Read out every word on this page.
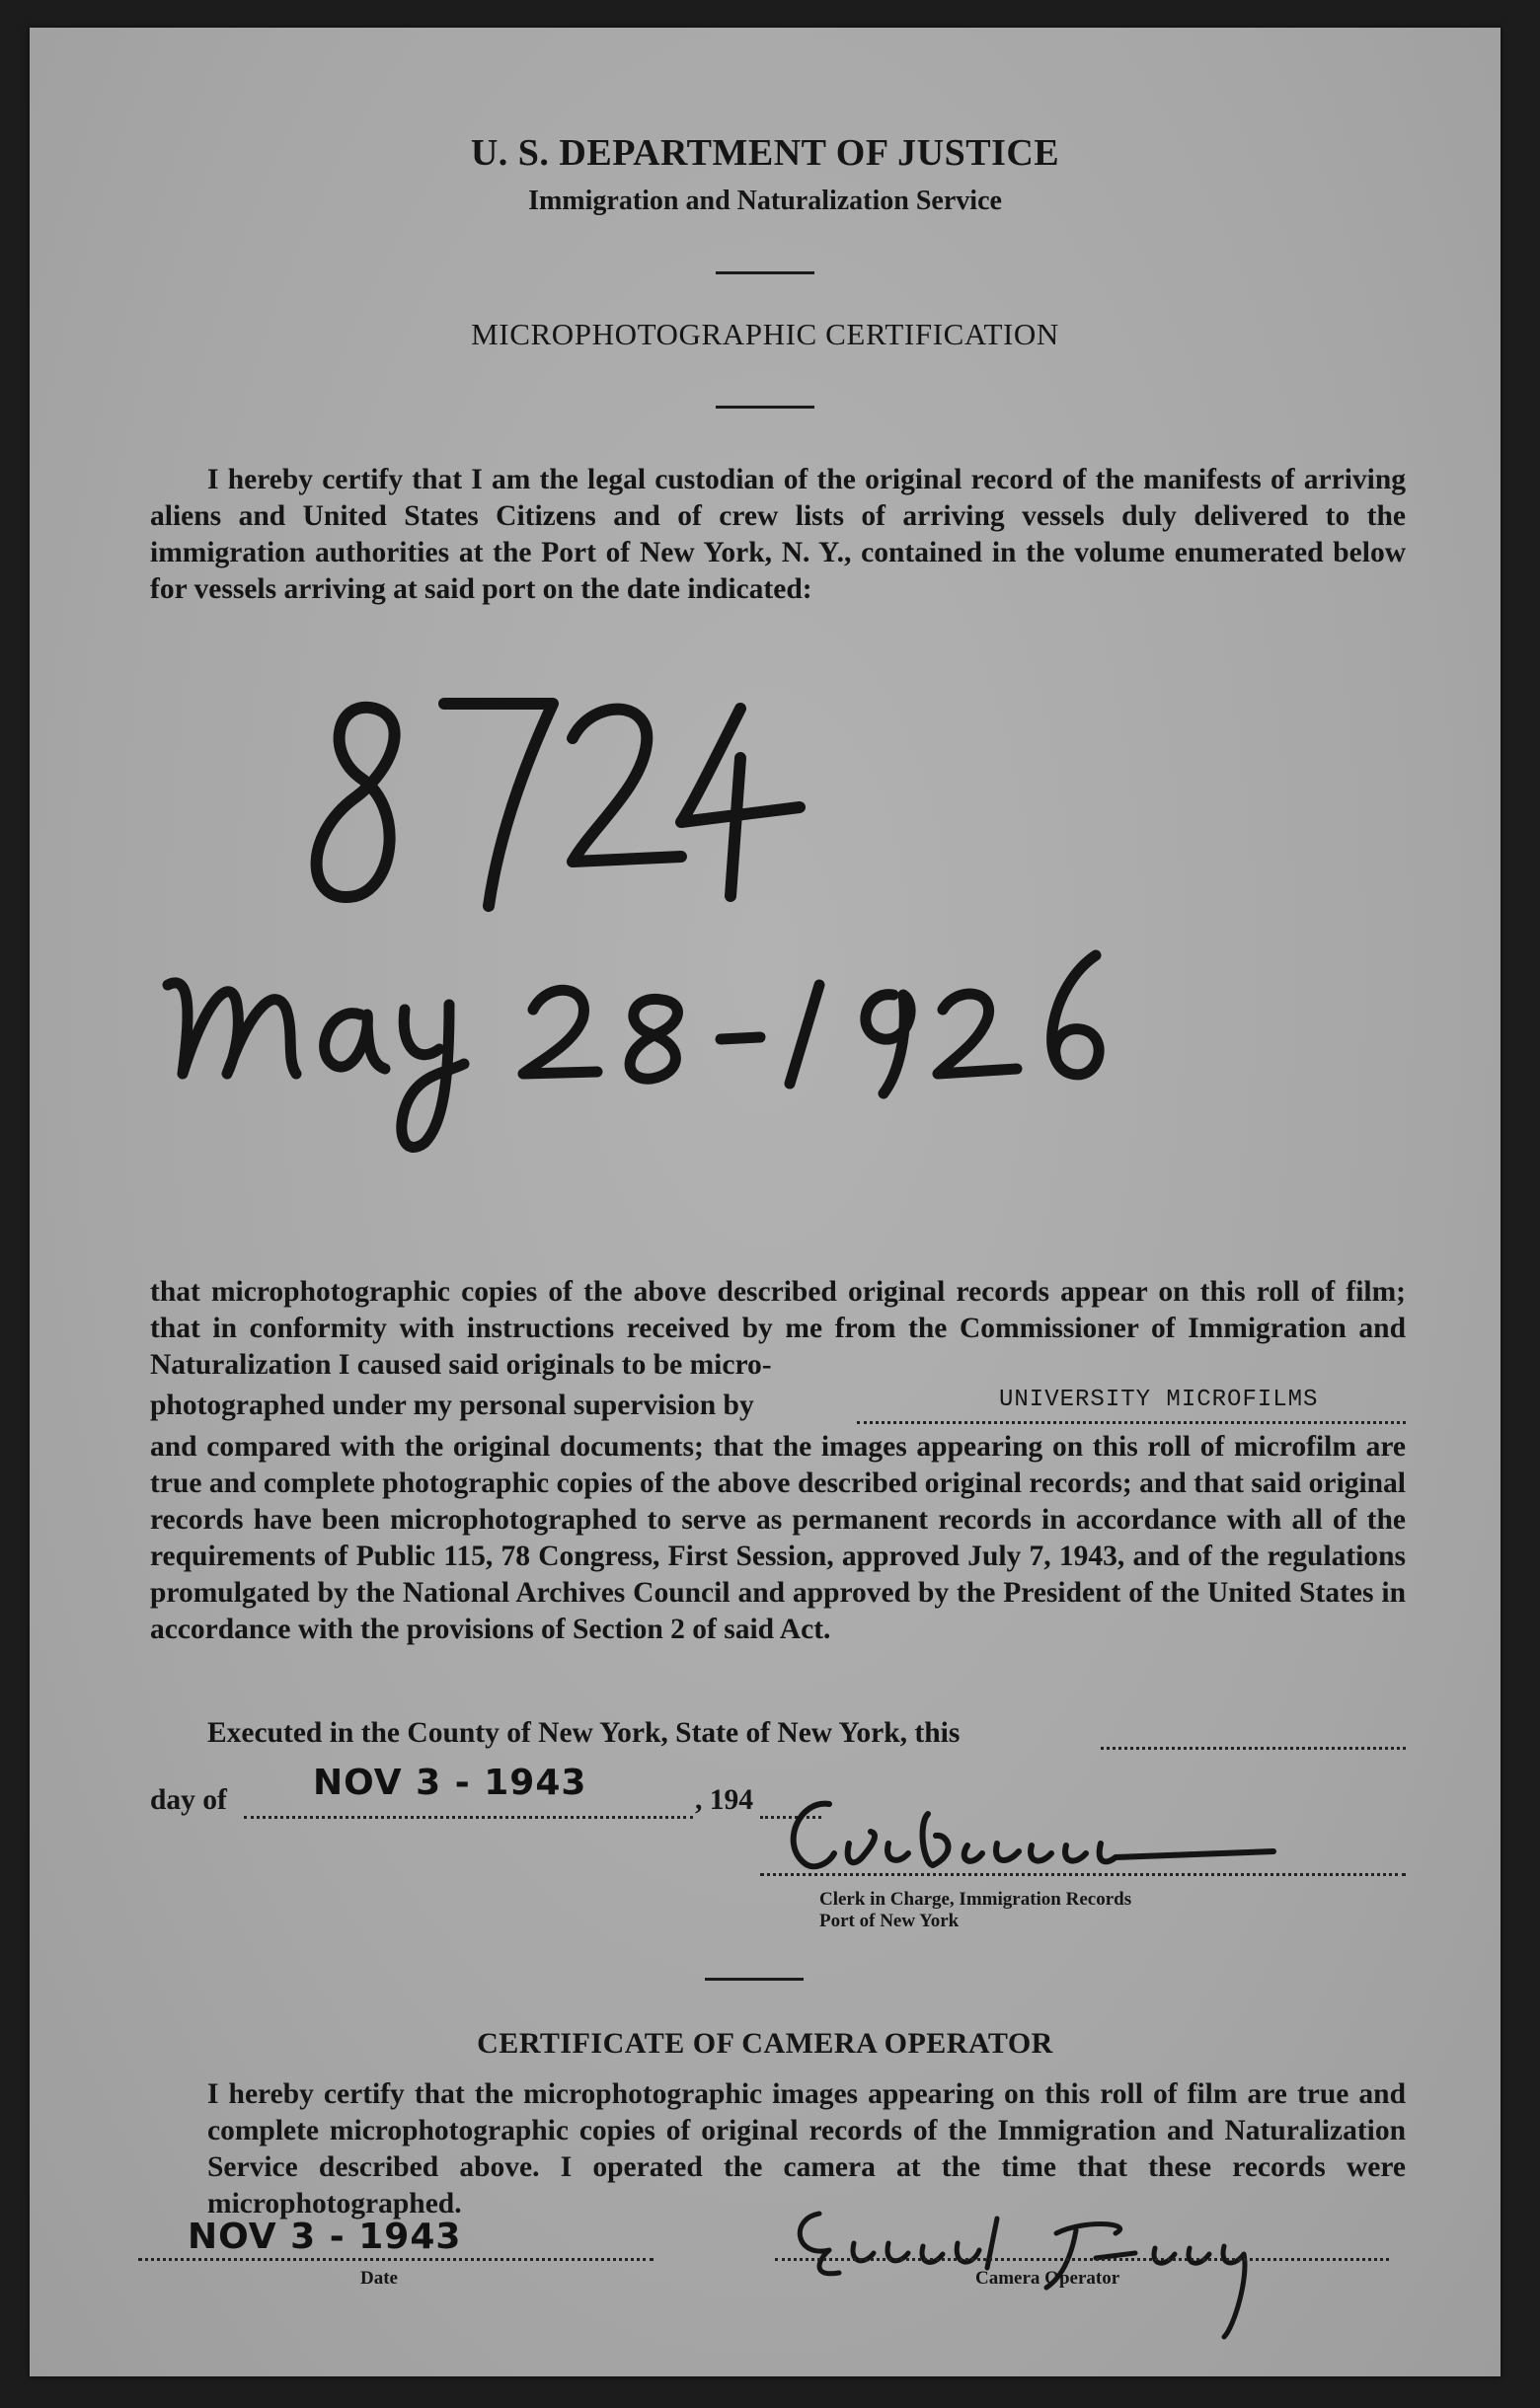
U. S. DEPARTMENT OF JUSTICE
Immigration and Naturalization Service
MICROPHOTOGRAPHIC CERTIFICATION
I hereby certify that I am the legal custodian of the original record of the manifests of arriving aliens and United States Citizens and of crew lists of arriving vessels duly delivered to the immigration authorities at the Port of New York, N. Y., contained in the volume enumerated below for vessels arriving at said port on the date indicated:
that microphotographic copies of the above described original records appear on this roll of film; that in conformity with instructions received by me from the Commissioner of Immigration and Naturalization I caused said originals to be micro-
photographed under my personal supervision by	UNIVERSITY MICROFILMS
and compared with the original documents; that the images appearing on this roll of microfilm are true and complete photographic copies of the above described original records; and that said original records have been microphotographed to serve as permanent records in accordance with all of the requirements of Public 115, 78 Congress, First Session, approved July 7, 1943, and of the regulations promulgated by the National Archives Council and approved by the President of the United States in accordance with the provisions of Section 2 of said Act.
Executed in the County of New York, State of New York, this
day of NOV 3 - 1943	, 194
Clerk in Charge, Immigration Records
Port of New York
CERTIFICATE OF CAMERA OPERATOR
I hereby certify that the microphotographic images appearing on this roll of film are true and complete microphotographic copies of original records of the Immigration and Naturalization Service described above. I operated the camera at the time that these records were microphotographed.
NOV 3 - 1943
Date	Camera Operator
